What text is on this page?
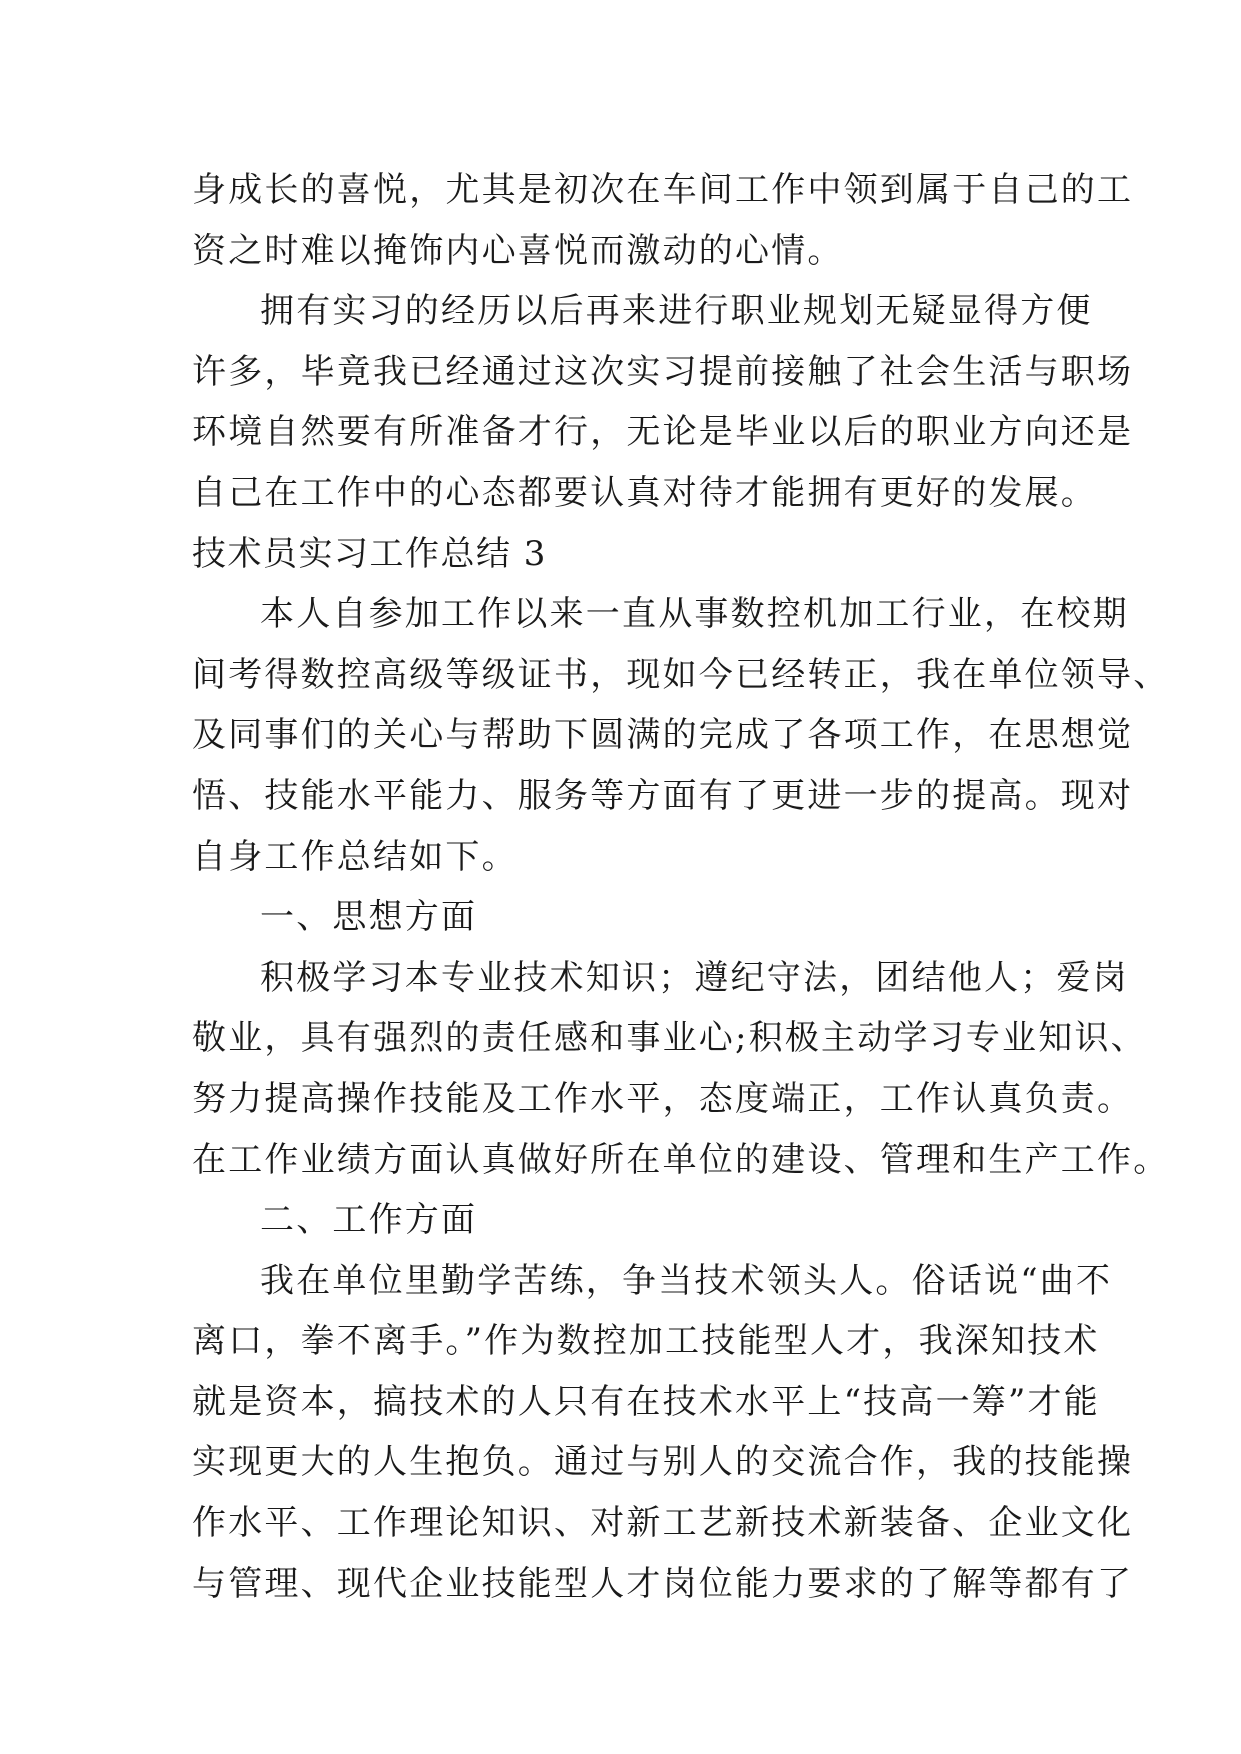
身成长的喜悦，尤其是初次在车间工作中领到属于自己的工
资之时难以掩饰内心喜悦而激动的心情。
拥有实习的经历以后再来进行职业规划无疑显得方便
许多，毕竟我已经通过这次实习提前接触了社会生活与职场
环境自然要有所准备才行，无论是毕业以后的职业方向还是
自己在工作中的心态都要认真对待才能拥有更好的发展。
技术员实习工作总结 3
本人自参加工作以来一直从事数控机加工行业，在校期
间考得数控高级等级证书，现如今已经转正，我在单位领导、
及同事们的关心与帮助下圆满的完成了各项工作，在思想觉
悟、技能水平能力、服务等方面有了更进一步的提高。现对
自身工作总结如下。
一、思想方面
积极学习本专业技术知识；遵纪守法，团结他人；爱岗
敬业，具有强烈的责任感和事业心;积极主动学习专业知识、
努力提高操作技能及工作水平，态度端正，工作认真负责。
在工作业绩方面认真做好所在单位的建设、管理和生产工作。
二、工作方面
我在单位里勤学苦练，争当技术领头人。俗话说“曲不
离口，拳不离手。”作为数控加工技能型人才，我深知技术
就是资本，搞技术的人只有在技术水平上“技高一筹”才能
实现更大的人生抱负。通过与别人的交流合作，我的技能操
作水平、工作理论知识、对新工艺新技术新装备、企业文化
与管理、现代企业技能型人才岗位能力要求的了解等都有了
